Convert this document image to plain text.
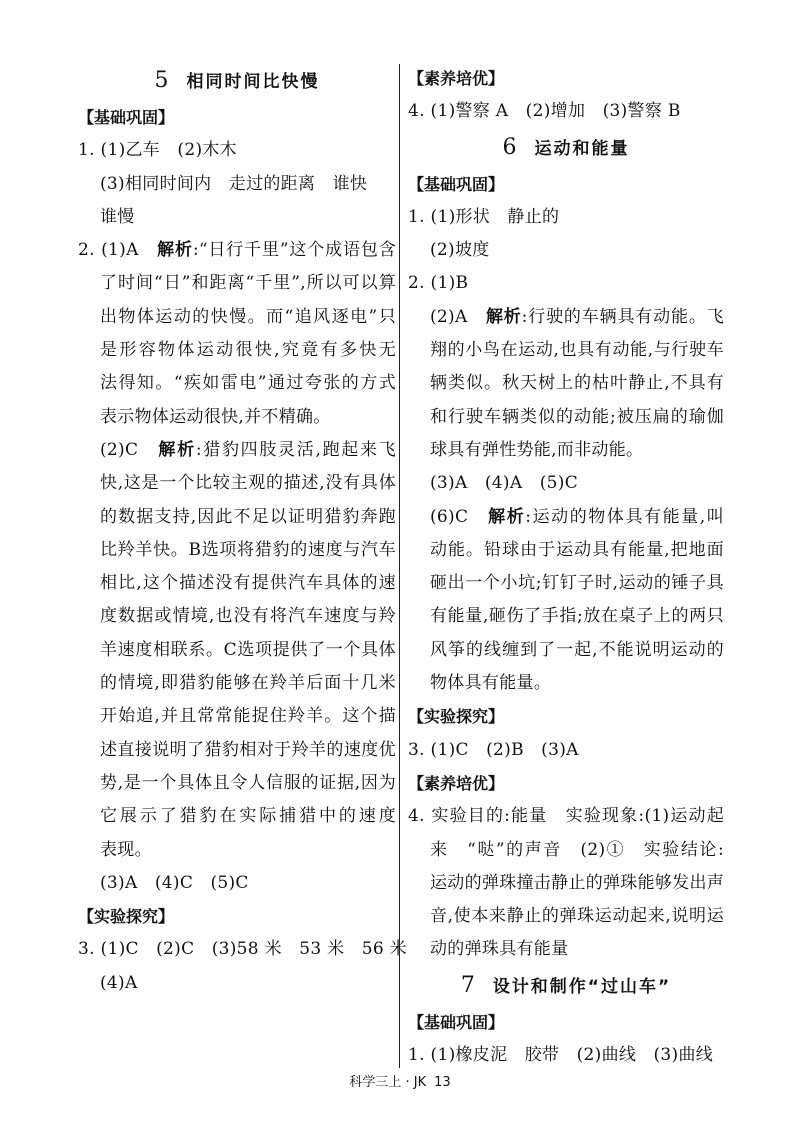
5 相同时间比快慢
【基础巩固】
1. (1)乙车　(2)木木
(3)相同时间内　走过的距离　谁快
谁慢
2. (1)A　解析:“日行千里”这个成语包含
了时间“日”和距离“千里”,所以可以算
出物体运动的快慢。而“追风逐电”只
是形容物体运动很快,究竟有多快无
法得知。“疾如雷电”通过夸张的方式
表示物体运动很快,并不精确。
(2)C　解析:猎豹四肢灵活,跑起来飞
快,这是一个比较主观的描述,没有具体
的数据支持,因此不足以证明猎豹奔跑
比羚羊快。B选项将猎豹的速度与汽车
相比,这个描述没有提供汽车具体的速
度数据或情境,也没有将汽车速度与羚
羊速度相联系。C选项提供了一个具体
的情境,即猎豹能够在羚羊后面十几米
开始追,并且常常能捉住羚羊。这个描
述直接说明了猎豹相对于羚羊的速度优
势,是一个具体且令人信服的证据,因为
它展示了猎豹在实际捕猎中的速度
表现。
(3)A　(4)C　(5)C
【实验探究】
3. (1)C　(2)C　(3)58 米　53 米　56 米
(4)A
【素养培优】
4. (1)警察 A　(2)增加　(3)警察 B
6 运动和能量
【基础巩固】
1. (1)形状　静止的
(2)坡度
2. (1)B
(2)A　解析:行驶的车辆具有动能。飞
翔的小鸟在运动,也具有动能,与行驶车
辆类似。秋天树上的枯叶静止,不具有
和行驶车辆类似的动能;被压扁的瑜伽
球具有弹性势能,而非动能。
(3)A　(4)A　(5)C
(6)C　解析:运动的物体具有能量,叫
动能。铅球由于运动具有能量,把地面
砸出一个小坑;钉钉子时,运动的锤子具
有能量,砸伤了手指;放在桌子上的两只
风筝的线缠到了一起,不能说明运动的
物体具有能量。
【实验探究】
3. (1)C　(2)B　(3)A
【素养培优】
4. 实验目的:能量　实验现象:(1)运动起
来　“哒”的声音　(2)①　实验结论:
运动的弹珠撞击静止的弹珠能够发出声
音,使本来静止的弹珠运动起来,说明运
动的弹珠具有能量
7 设计和制作“过山车”
【基础巩固】
1. (1)橡皮泥　胶带　(2)曲线　(3)曲线
科学三上 · JK 13
